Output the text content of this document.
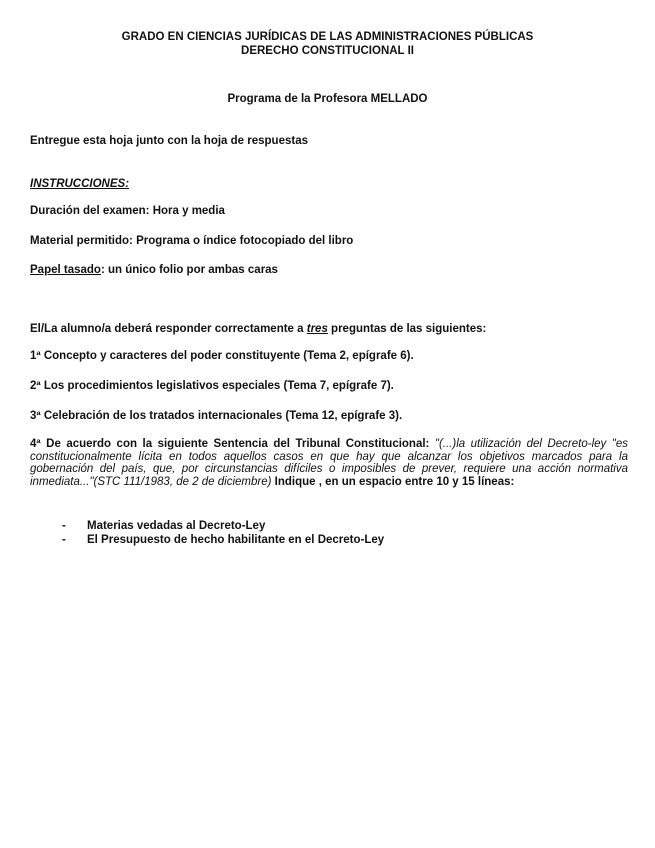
GRADO EN CIENCIAS JURÍDICAS DE LAS ADMINISTRACIONES PÚBLICAS
DERECHO CONSTITUCIONAL II
Programa de la Profesora MELLADO
Entregue esta hoja junto con la hoja de respuestas
INSTRUCCIONES:
Duración del examen: Hora y media
Material permitido: Programa o índice fotocopiado del libro
Papel tasado: un único folio por ambas caras
El/La alumno/a deberá responder correctamente a tres preguntas de las siguientes:
1ª Concepto y caracteres del poder constituyente (Tema 2, epígrafe 6).
2ª Los procedimientos legislativos especiales (Tema 7, epígrafe 7).
3ª Celebración de los tratados internacionales (Tema 12, epígrafe 3).
4ª De acuerdo con la siguiente Sentencia del Tribunal Constitucional: "(...)la utilización del Decreto-ley "es constitucionalmente lícita en todos aquellos casos en que hay que alcanzar los objetivos marcados para la gobernación del país, que, por circunstancias difíciles o imposibles de prever, requiere una acción normativa inmediata..."(STC 111/1983, de 2 de diciembre) Indique , en un espacio entre 10 y 15 líneas:
- Materias vedadas al Decreto-Ley
- El Presupuesto de hecho habilitante en el Decreto-Ley
